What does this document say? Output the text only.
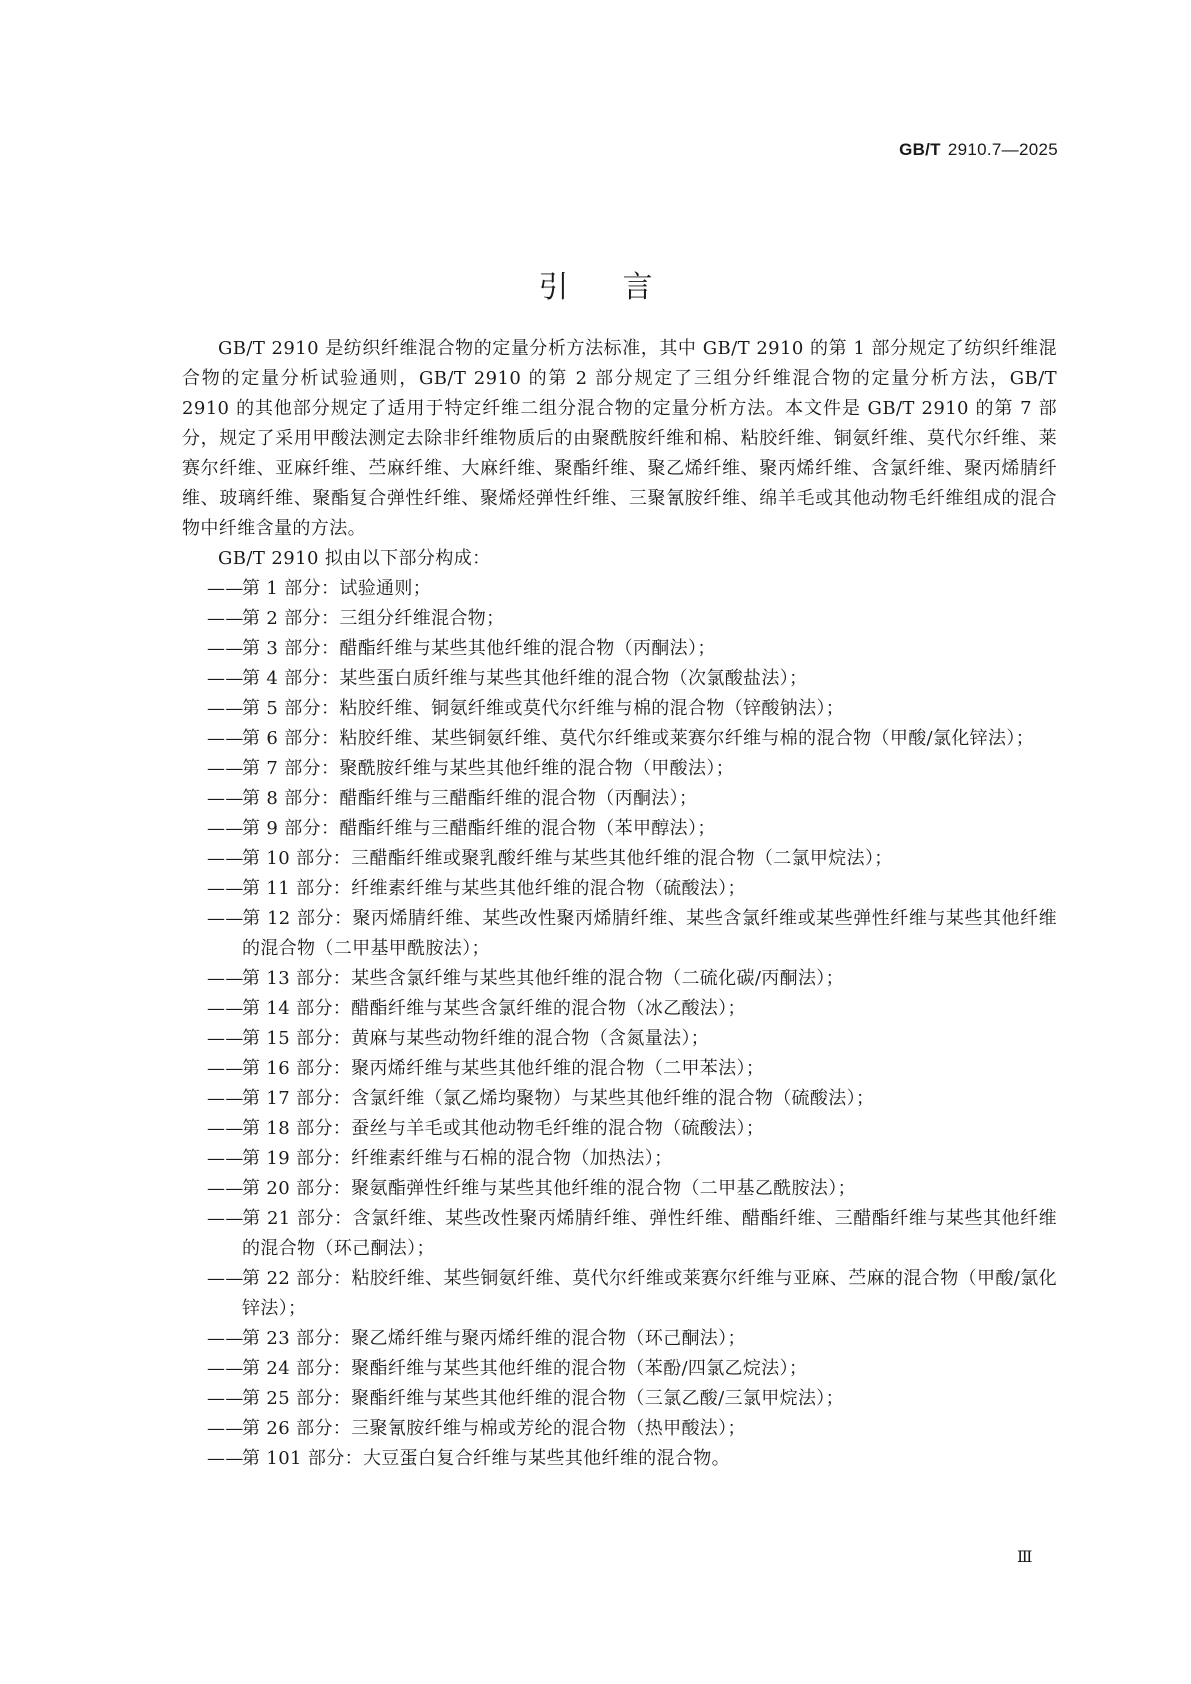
GB/T 2910.7—2025
引言

GB/T 2910 是纺织纤维混合物的定量分析方法标准，其中 GB/T 2910 的第 1 部分规定了纺织纤维混合物的定量分析试验通则，GB/T 2910 的第 2 部分规定了三组分纤维混合物的定量分析方法，GB/T 2910 的其他部分规定了适用于特定纤维二组分混合物的定量分析方法。本文件是 GB/T 2910 的第 7 部分，规定了采用甲酸法测定去除非纤维物质后的由聚酰胺纤维和棉、粘胶纤维、铜氨纤维、莫代尔纤维、莱赛尔纤维、亚麻纤维、苎麻纤维、大麻纤维、聚酯纤维、聚乙烯纤维、聚丙烯纤维、含氯纤维、聚丙烯腈纤维、玻璃纤维、聚酯复合弹性纤维、聚烯烃弹性纤维、三聚氰胺纤维、绵羊毛或其他动物毛纤维组成的混合物中纤维含量的方法。

GB/T 2910 拟由以下部分构成：

——第 1 部分：试验通则；
——第 2 部分：三组分纤维混合物；
——第 3 部分：醋酯纤维与某些其他纤维的混合物（丙酮法）；
——第 4 部分：某些蛋白质纤维与某些其他纤维的混合物（次氯酸盐法）；
——第 5 部分：粘胶纤维、铜氨纤维或莫代尔纤维与棉的混合物（锌酸钠法）；
——第 6 部分：粘胶纤维、某些铜氨纤维、莫代尔纤维或莱赛尔纤维与棉的混合物（甲酸/氯化锌法）；
——第 7 部分：聚酰胺纤维与某些其他纤维的混合物（甲酸法）；
——第 8 部分：醋酯纤维与三醋酯纤维的混合物（丙酮法）；
——第 9 部分：醋酯纤维与三醋酯纤维的混合物（苯甲醇法）；
——第 10 部分：三醋酯纤维或聚乳酸纤维与某些其他纤维的混合物（二氯甲烷法）；
——第 11 部分：纤维素纤维与某些其他纤维的混合物（硫酸法）；
——第 12 部分：聚丙烯腈纤维、某些改性聚丙烯腈纤维、某些含氯纤维或某些弹性纤维与某些其他纤维的混合物（二甲基甲酰胺法）；
——第 13 部分：某些含氯纤维与某些其他纤维的混合物（二硫化碳/丙酮法）；
——第 14 部分：醋酯纤维与某些含氯纤维的混合物（冰乙酸法）；
——第 15 部分：黄麻与某些动物纤维的混合物（含氮量法）；
——第 16 部分：聚丙烯纤维与某些其他纤维的混合物（二甲苯法）；
——第 17 部分：含氯纤维（氯乙烯均聚物）与某些其他纤维的混合物（硫酸法）；
——第 18 部分：蚕丝与羊毛或其他动物毛纤维的混合物（硫酸法）；
——第 19 部分：纤维素纤维与石棉的混合物（加热法）；
——第 20 部分：聚氨酯弹性纤维与某些其他纤维的混合物（二甲基乙酰胺法）；
——第 21 部分：含氯纤维、某些改性聚丙烯腈纤维、弹性纤维、醋酯纤维、三醋酯纤维与某些其他纤维的混合物（环己酮法）；
——第 22 部分：粘胶纤维、某些铜氨纤维、莫代尔纤维或莱赛尔纤维与亚麻、苎麻的混合物（甲酸/氯化锌法）；
——第 23 部分：聚乙烯纤维与聚丙烯纤维的混合物（环己酮法）；
——第 24 部分：聚酯纤维与某些其他纤维的混合物（苯酚/四氯乙烷法）；
——第 25 部分：聚酯纤维与某些其他纤维的混合物（三氯乙酸/三氯甲烷法）；
——第 26 部分：三聚氰胺纤维与棉或芳纶的混合物（热甲酸法）；
——第 101 部分：大豆蛋白复合纤维与某些其他纤维的混合物。
Ⅲ
